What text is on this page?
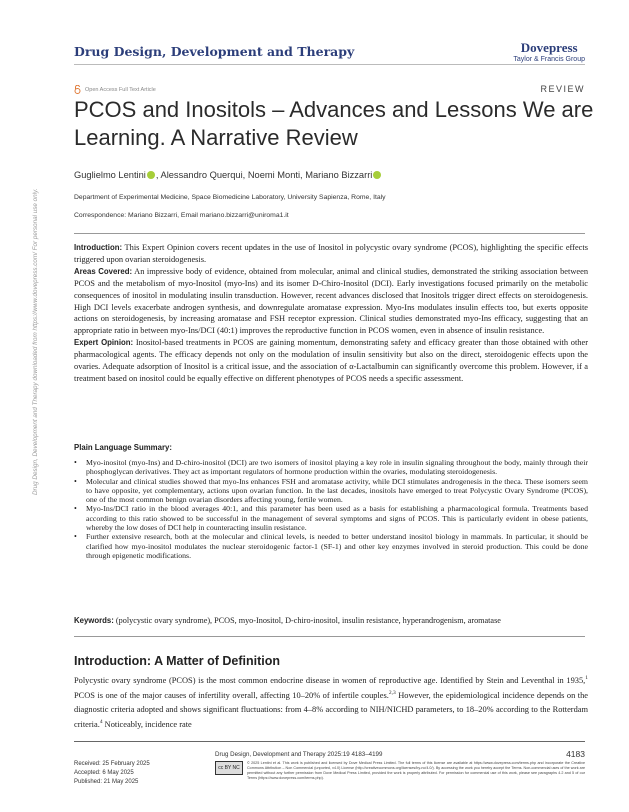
Drug Design, Development and Therapy	Dovepress
Taylor & Francis Group
Open Access Full Text Article	REVIEW
PCOS and Inositols – Advances and Lessons We are Learning. A Narrative Review
Guglielmo Lentini , Alessandro Querqui, Noemi Monti, Mariano Bizzarri
Department of Experimental Medicine, Space Biomedicine Laboratory, University Sapienza, Rome, Italy
Correspondence: Mariano Bizzarri, Email mariano.bizzarri@uniroma1.it

Introduction: This Expert Opinion covers recent updates in the use of Inositol in polycystic ovary syndrome (PCOS), highlighting the specific effects triggered upon ovarian steroidogenesis.

Areas Covered: An impressive body of evidence, obtained from molecular, animal and clinical studies, demonstrated the striking association between PCOS and the metabolism of myo-Inositol (myo-Ins) and its isomer D-Chiro-Inositol (DCI). Early investigations focused primarily on the metabolic consequences of inositol in modulating insulin transduction. However, recent advances disclosed that Inositols trigger direct effects on steroidogenesis. High DCI levels exacerbate androgen synthesis, and downregulate aromatase expression. Myo-Ins modulates insulin effects too, but exerts opposite actions on steroidogenesis, by increasing aromatase and FSH receptor expression. Clinical studies demonstrated myo-Ins efficacy, suggesting that an appropriate ratio in between myo-Ins/DCI (40:1) improves the reproductive function in PCOS women, even in absence of insulin resistance.

Expert Opinion: Inositol-based treatments in PCOS are gaining momentum, demonstrating safety and efficacy greater than those obtained with other pharmacological agents. The efficacy depends not only on the modulation of insulin sensitivity but also on the direct, steroidogenic effects upon the ovaries. Adequate adsorption of Inositol is a critical issue, and the association of α-Lactalbumin can significantly overcome this problem. However, if a treatment based on inositol could be equally effective on different phenotypes of PCOS needs a specific assessment.

Plain Language Summary:
• Myo-inositol (myo-Ins) and D-chiro-inositol (DCI) are two isomers of inositol playing a key role in insulin signaling throughout the body, mainly through their phosphoglycan derivatives. They act as important regulators of hormone production within the ovaries, modulating steroidogenesis.
• Molecular and clinical studies showed that myo-Ins enhances FSH and aromatase activity, while DCI stimulates androgenesis in the theca. These isomers seem to have opposite, yet complementary, actions upon ovarian function. In the last decades, inositols have emerged to treat Polycystic Ovary Syndrome (PCOS), one of the most common benign ovarian disorders affecting young, fertile women.
• Myo-Ins/DCI ratio in the blood averages 40:1, and this parameter has been used as a basis for establishing a pharmacological formula. Treatments based according to this ratio showed to be successful in the management of several symptoms and signs of PCOS. This is particularly evident in obese patients, whereby the low doses of DCI help in counteracting insulin resistance.
• Further extensive research, both at the molecular and clinical levels, is needed to better understand inositol biology in mammals. In particular, it should be clarified how myo-inositol modulates the nuclear steroidogenic factor-1 (SF-1) and other key enzymes involved in steroid production. This could be done through epigenetic modifications.
Keywords: (polycystic ovary syndrome), PCOS, myo-Inositol, D-chiro-inositol, insulin resistance, hyperandrogenism, aromatase
Introduction: A Matter of Definition
Polycystic ovary syndrome (PCOS) is the most common endocrine disease in women of reproductive age. Identified by Stein and Leventhal in 1935,$^1$ PCOS is one of the major causes of infertility overall, affecting 10–20% of infertile couples.$^{2,3}$ However, the epidemiological incidence depends on the diagnostic criteria adopted and shows significant fluctuations: from 4–8% according to NIH/NICHD parameters, to 18–20% according to the Rotterdam criteria.$^4$ Noticeably, incidence rate
Received: 25 February 2025
Accepted: 6 May 2025
Published: 21 May 2025
Drug Design, Development and Therapy 2025:19 4183–4199	4183
cc BY NC
© 2025 Lentini et al. This work is published and licensed by Dove Medical Press Limited. The full terms of this license are available at https://www.dovepress.com/terms.php and incorporate the Creative Commons Attribution – Non Commercial (unported, v4.0) License (http://creativecommons.org/licenses/by-nc/4.0/). By accessing the work you hereby accept the Terms. Non-commercial uses of the work are permitted without any further permission from Dove Medical Press Limited, provided the work is properly attributed. For permission for commercial use of this work, please see paragraphs 4.2 and 5 of our Terms (https://www.dovepress.com/terms.php).
Drug Design, Development and Therapy downloaded from https://www.dovepress.com/ For personal use only.
